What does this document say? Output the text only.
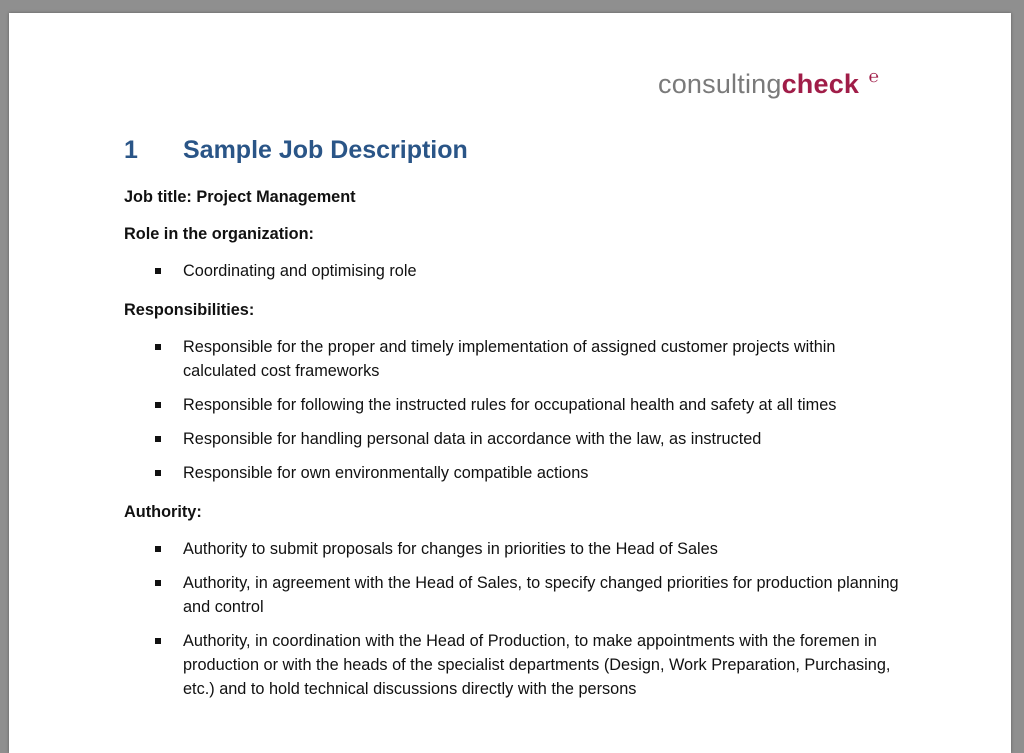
consultingcheck ℮
1	Sample Job Description
Job title: Project Management
Role in the organization:
Coordinating and optimising role
Responsibilities:
Responsible for the proper and timely implementation of assigned customer projects within calculated cost frameworks
Responsible for following the instructed rules for occupational health and safety at all times
Responsible for handling personal data in accordance with the law, as instructed
Responsible for own environmentally compatible actions
Authority:
Authority to submit proposals for changes in priorities to the Head of Sales
Authority, in agreement with the Head of Sales, to specify changed priorities for production planning and control
Authority, in coordination with the Head of Production, to make appointments with the foremen in production or with the heads of the specialist departments (Design, Work Preparation, Purchasing, etc.) and to hold technical discussions directly with the persons
